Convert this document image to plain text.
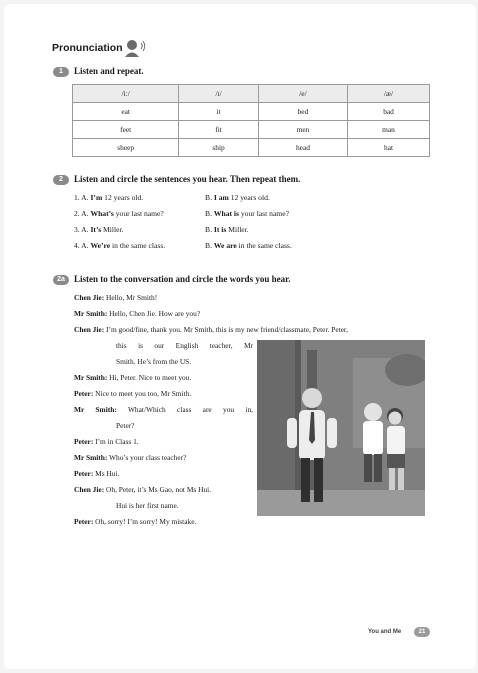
Pronunciation
1	Listen and repeat.
/iː/	/ɪ/	/e/	/æ/
eat	it	bed	bad
feet	fit	men	man
sheep	ship	head	hat
2	Listen and circle the sentences you hear. Then repeat them.
1. A. I’m 12 years old.	B. I am 12 years old.
2. A. What’s your last name?	B. What is your last name?
3. A. It’s Miller.	B. It is Miller.
4. A. We’re in the same class.	B. We are in the same class.
2a	Listen to the conversation and circle the words you hear.
Chen Jie: Hello, Mr Smith!
Mr Smith: Hello, Chen Jie. How are you?
Chen Jie: I’m good/fine, thank you. Mr Smith, this is my new friend/classmate, Peter. Peter,
this is our English teacher, Mr
Smith. He’s from the US.
Mr Smith: Hi, Peter. Nice to meet you.
Peter: Nice to meet you too, Mr Smith.
Mr Smith: What/Which class are you in,
Peter?
Peter: I’m in Class 1.
Mr Smith: Who’s your class teacher?
Peter: Ms Hui.
Chen Jie: Oh, Peter, it’s Ms Gao, not Ms Hui.
Hui is her first name.
Peter: Oh, sorry! I’m sorry! My mistake.
You and Me	21
